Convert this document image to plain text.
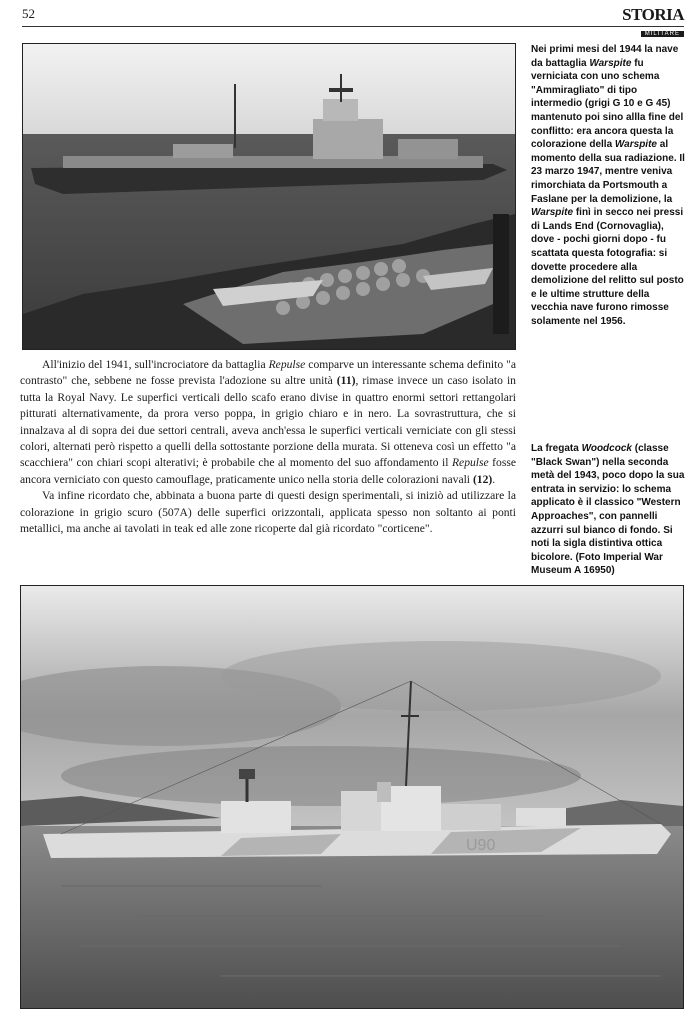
52	STORIA
MILITARE
Nei primi mesi del 1944 la nave da battaglia Warspite fu verniciata con uno schema "Ammiragliato" di tipo intermedio (grigi G 10 e G 45) mantenuto poi sino allla fine del conflitto: era ancora questa la colorazione della Warspite al momento della sua radiazione. Il 23 marzo 1947, mentre veniva rimorchiata da Portsmouth a Faslane per la demolizione, la Warspite finì in secco nei pressi di Lands End (Cornovaglia), dove - pochi giorni dopo - fu scattata questa fotografia: si dovette procedere alla demolizione del relitto sul posto e le ultime strutture della vecchia nave furono rimosse solamente nel 1956.

All'inizio del 1941, sull'incrociatore da battaglia Repulse comparve un interessante schema definito "a contrasto" che, sebbene ne fosse prevista l'adozione su altre unità (11), rimase invece un caso isolato in tutta la Royal Navy. Le superfici verticali dello scafo erano divise in quattro enormi settori rettangolari pitturati alternativamente, da prora verso poppa, in grigio chiaro e in nero. La sovrastruttura, che si innalzava al di sopra dei due settori centrali, aveva anch'essa le superfici verticali verniciate con gli stessi colori, alternati però rispetto a quelli della sottostante porzione della murata. Si otteneva così un effetto "a scacchiera" con chiari scopi alterativi; è probabile che al momento del suo affondamento il Repulse fosse ancora verniciato con questo camouflage, praticamente unico nella storia delle colorazioni navali (12).

Va infine ricordato che, abbinata a buona parte di questi design sperimentali, si iniziò ad utilizzare la colorazione in grigio scuro (507A) delle superfici orizzontali, applicata spesso non soltanto ai ponti metallici, ma anche ai tavolati in teak ed alle zone ricoperte dal già ricordato "corticene".

La fregata Woodcock (classe "Black Swan") nella seconda metà del 1943, poco dopo la sua entrata in servizio: lo schema applicato è il classico "Western Approaches", con pannelli azzurri sul bianco di fondo. Si noti la sigla distintiva ottica bicolore. (Foto Imperial War Museum A 16950)
U90
